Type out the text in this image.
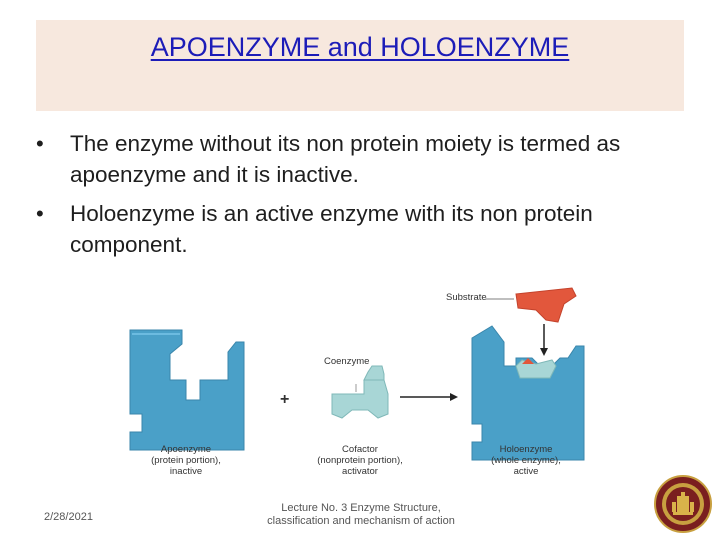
APOENZYME and HOLOENZYME
• The enzyme without its non protein moiety is termed as apoenzyme and it is inactive.
• Holoenzyme is an active enzyme with its non protein component.
+
Substrate
Coenzyme
Apoenzyme
(protein portion),
inactive
Cofactor
(nonprotein portion),
activator
Holoenzyme
(whole enzyme),
active
2/28/2021
Lecture No. 3 Enzyme Structure,
classification and mechanism of action
